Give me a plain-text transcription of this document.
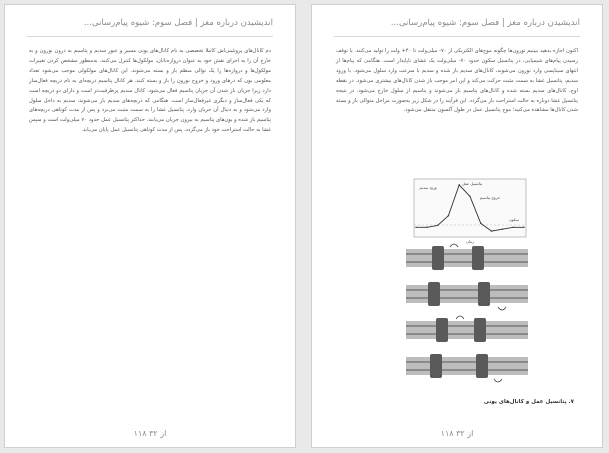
اندیشیدن درباره مغز | فصل سوم: شیوه پیام‌رسانی...
دم کانال‌های پروتئینی‌اش کاملا تخصصی به نام کانال‌های یونی مسیر و عبور سدیم و پتاسیم به درون نورون و به خارج آن را به اجرای نقش خود به عنوان دروازه‌بانان، مولکول‌ها کنترل می‌کنند. به‌منظور مشخص کردن تغییرات مولکول‌ها و دروازه‌ها را یک توالی منظم باز و بسته می‌شوند. این کانال‌های مولکولی موجب می‌شود تعداد معلومی یون که درهای ورود و خروج نورون را باز و بسته کنند. هر کانال پتاسیم دریچه‌ای به نام دریچه فعال‌ساز دارد زیرا جریان باز شدن آن جریان پتاسیم فعال می‌شود. کانال سدیم پرظرفیت‌تر است و دارای دو دریچه است که یکی فعال‌ساز و دیگری غیرفعال‌ساز است. هنگامی که دریچه‌های سدیم باز می‌شوند، سدیم به داخل سلول وارد می‌شود و به دنبال آن جریان وارد، پتانسیل غشا را به سمت مثبت می‌برد و پس از مدت کوتاهی دریچه‌های پتاسیم باز شده و یون‌های پتاسیم به بیرون جریان می‌یابند. حداکثر پتانسیل عمل حدود ۷۰ میلی‌ولت است و سپس غشا به حالت استراحت خود باز می‌گردد، پس از مدت کوتاهی پتانسیل عمل پایان می‌یابد.
۱۱۸ از ۳۲
اندیشیدن درباره مغز | فصل سوم: شیوه پیام‌رسانی...
اکنون اجازه بدهید ببینیم نورون‌ها چگونه موج‌های الکتریکی از ۷۰- میلی‌ولت تا ۴۰+ ولت را تولید می‌کنند. با توقف رسیدن پیام‌های شیمیایی، در پتانسیل سکون حدود ۷۰- میلی‌ولت یک غشای ناپایدار است. هنگامی که پیام‌ها از انتهای سیناپسی وارد نورون می‌شوند، کانال‌های سدیم باز شده و سدیم با سرعت وارد سلول می‌شود. با ورود سدیم، پتانسیل غشا به سمت مثبت حرکت می‌کند و این امر موجب باز شدن کانال‌های بیشتری می‌شود. در نقطه اوج، کانال‌های سدیم بسته شده و کانال‌های پتاسیم باز می‌شوند و پتاسیم از سلول خارج می‌شود. در نتیجه پتانسیل غشا دوباره به حالت استراحت باز می‌گردد. این فرآیند را در شکل زیر به‌صورت مراحل متوالی باز و بسته شدن کانال‌ها مشاهده می‌کنید؛ موج پتانسیل عمل در طول آکسون منتقل می‌شود.
ورود سدیم
خروج پتاسیم
پتانسیل عمل
سکون
زمان
۷. پتانسیل عمل و کانال‌های یونی
۱۱۸ از ۳۲
